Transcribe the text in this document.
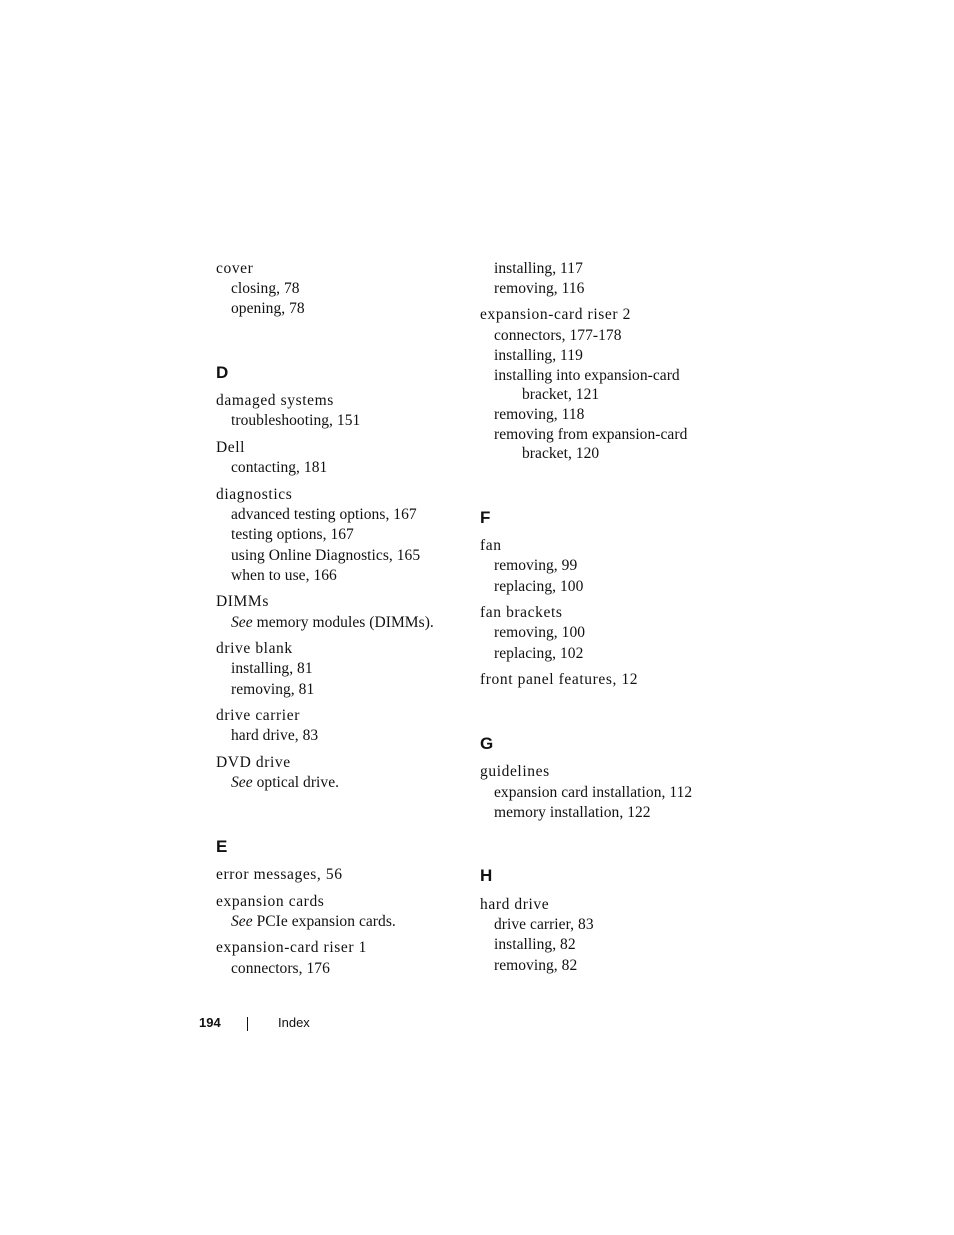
cover
closing, 78
opening, 78
D
damaged systems
troubleshooting, 151
Dell
contacting, 181
diagnostics
advanced testing options, 167
testing options, 167
using Online Diagnostics, 165
when to use, 166
DIMMs
See memory modules (DIMMs).
drive blank
installing, 81
removing, 81
drive carrier
hard drive, 83
DVD drive
See optical drive.
E
error messages, 56
expansion cards
See PCIe expansion cards.
expansion-card riser 1
connectors, 176
installing, 117
removing, 116
expansion-card riser 2
connectors, 177-178
installing, 119
installing into expansion-card
bracket, 121
removing, 118
removing from expansion-card
bracket, 120
F
fan
removing, 99
replacing, 100
fan brackets
removing, 100
replacing, 102
front panel features, 12
G
guidelines
expansion card installation, 112
memory installation, 122
H
hard drive
drive carrier, 83
installing, 82
removing, 82
194	Index
